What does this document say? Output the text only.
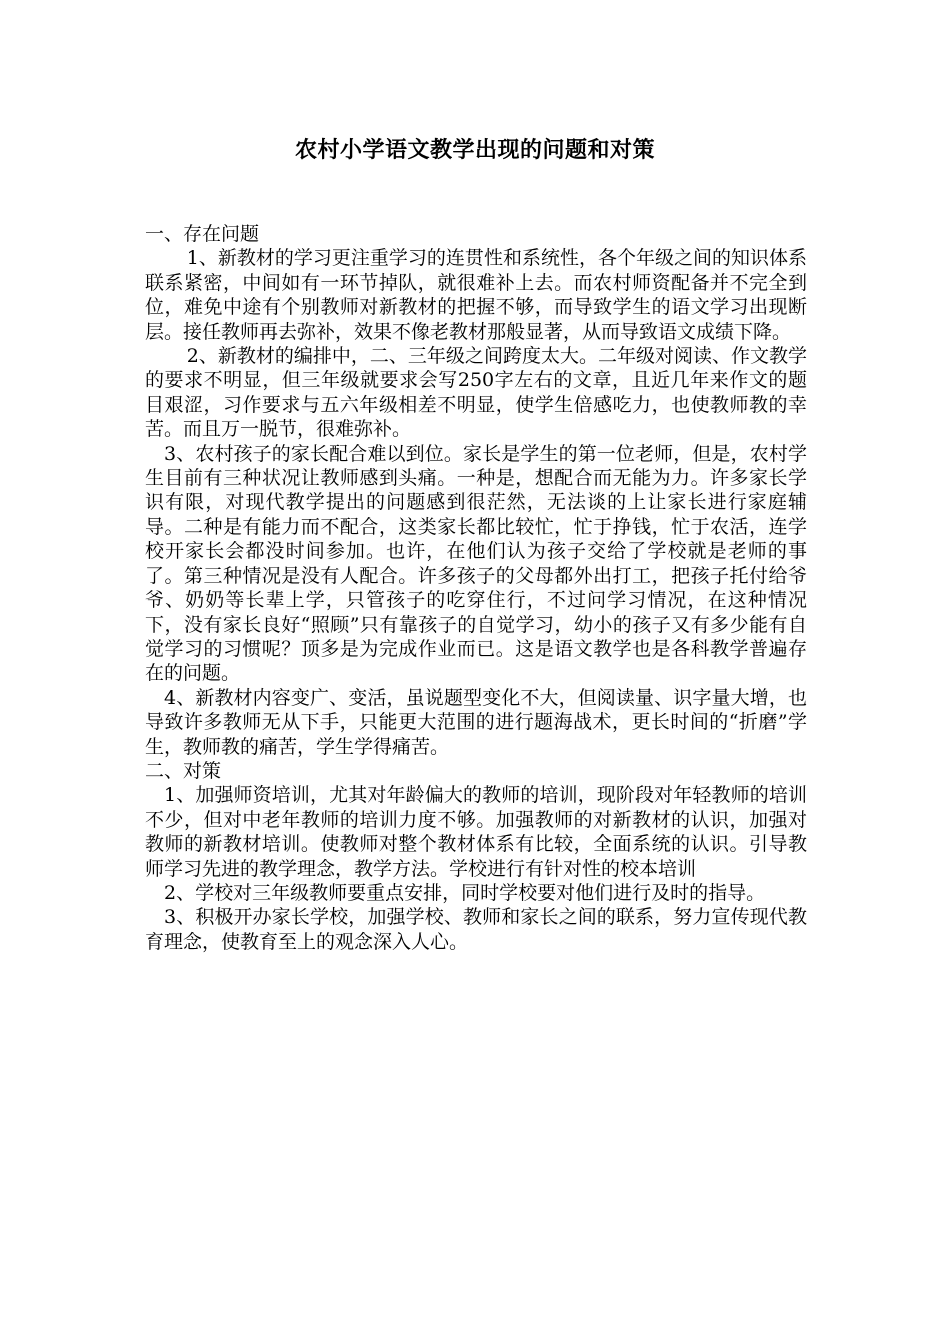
农村小学语文教学出现的问题和对策

一、存在问题

1、新教材的学习更注重学习的连贯性和系统性，各个年级之间的知识体系联系紧密，中间如有一环节掉队，就很难补上去。而农村师资配备并不完全到位，难免中途有个别教师对新教材的把握不够，而导致学生的语文学习出现断层。接任教师再去弥补，效果不像老教材那般显著，从而导致语文成绩下降。

2、新教材的编排中，二、三年级之间跨度太大。二年级对阅读、作文教学的要求不明显，但三年级就要求会写250字左右的文章，且近几年来作文的题目艰涩，习作要求与五六年级相差不明显，使学生倍感吃力，也使教师教的幸苦。而且万一脱节，很难弥补。

3、农村孩子的家长配合难以到位。家长是学生的第一位老师，但是，农村学生目前有三种状况让教师感到头痛。一种是，想配合而无能为力。许多家长学识有限，对现代教学提出的问题感到很茫然，无法谈的上让家长进行家庭辅导。二种是有能力而不配合，这类家长都比较忙，忙于挣钱，忙于农活，连学校开家长会都没时间参加。也许，在他们认为孩子交给了学校就是老师的事了。第三种情况是没有人配合。许多孩子的父母都外出打工，把孩子托付给爷爷、奶奶等长辈上学，只管孩子的吃穿住行，不过问学习情况，在这种情况下，没有家长良好“照顾”只有靠孩子的自觉学习，幼小的孩子又有多少能有自觉学习的习惯呢？顶多是为完成作业而已。这是语文教学也是各科教学普遍存在的问题。

4、新教材内容变广、变活，虽说题型变化不大，但阅读量、识字量大增，也导致许多教师无从下手，只能更大范围的进行题海战术，更长时间的“折磨”学生，教师教的痛苦，学生学得痛苦。

二、对策

1、加强师资培训，尤其对年龄偏大的教师的培训，现阶段对年轻教师的培训不少，但对中老年教师的培训力度不够。加强教师的对新教材的认识，加强对教师的新教材培训。使教师对整个教材体系有比较，全面系统的认识。引导教师学习先进的教学理念，教学方法。学校进行有针对性的校本培训

2、学校对三年级教师要重点安排，同时学校要对他们进行及时的指导。

3、积极开办家长学校，加强学校、教师和家长之间的联系，努力宣传现代教育理念，使教育至上的观念深入人心。
